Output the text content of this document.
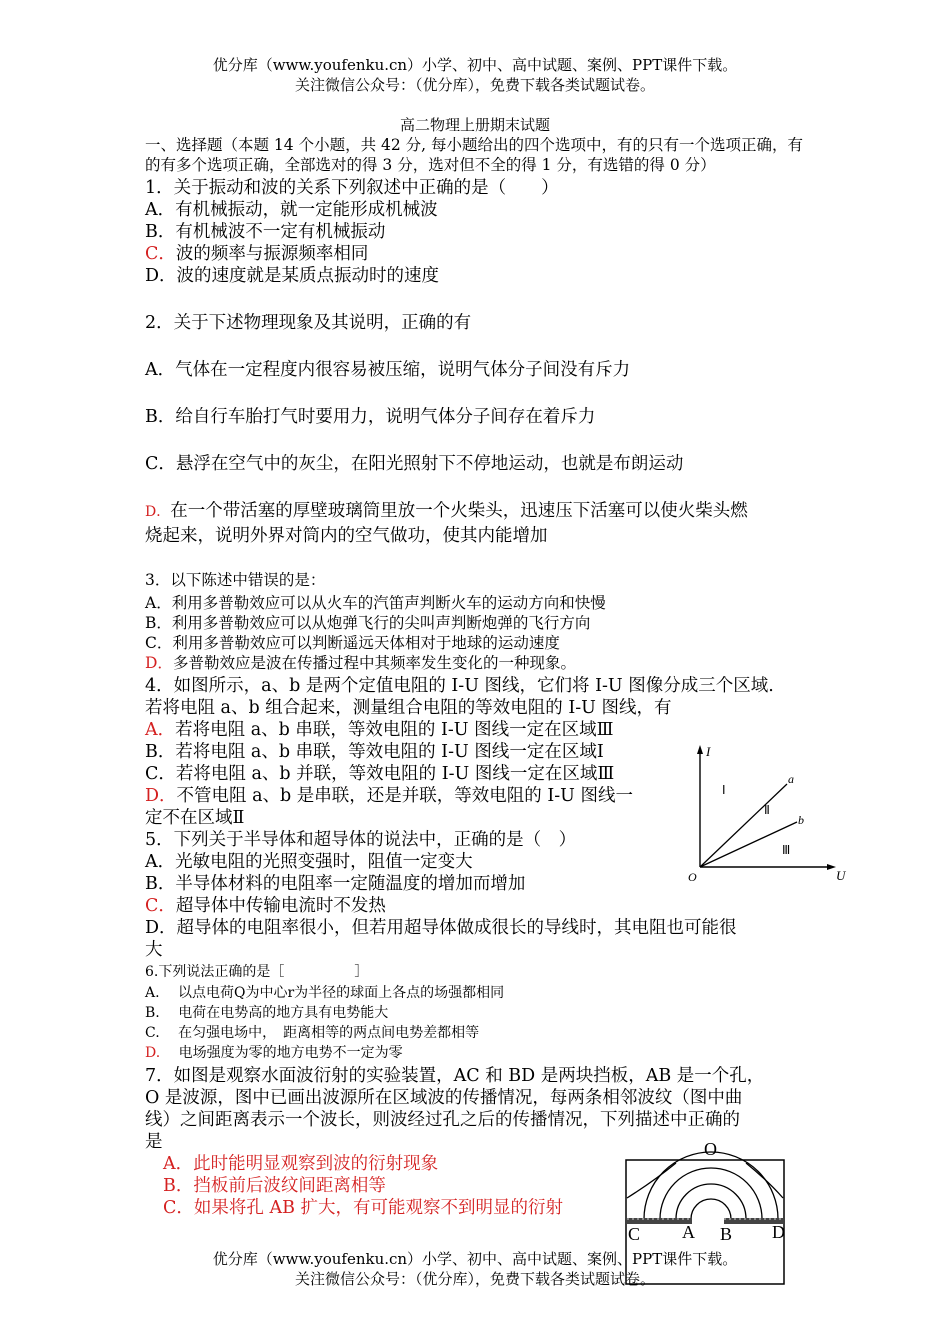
优分库（www.youfenku.cn）小学、初中、高中试题、案例、PPT课件下载。
关注微信公众号：（优分库），免费下载各类试题试卷。
高二物理上册期末试题
一、选择题（本题 14 个小题，共 42 分, 每小题给出的四个选项中，有的只有一个选项正确，有
的有多个选项正确，全部选对的得 3 分，选对但不全的得 1 分，有选错的得 0 分）
1．关于振动和波的关系下列叙述中正确的是（　　）
A．有机械振动，就一定能形成机械波
B．有机械波不一定有机械振动
C．波的频率与振源频率相同
D．波的速度就是某质点振动时的速度
2．关于下述物理现象及其说明，正确的有
A．气体在一定程度内很容易被压缩，说明气体分子间没有斥力
B．给自行车胎打气时要用力，说明气体分子间存在着斥力
C．悬浮在空气中的灰尘，在阳光照射下不停地运动，也就是布朗运动
D．在一个带活塞的厚壁玻璃筒里放一个火柴头，迅速压下活塞可以使火柴头燃
烧起来，说明外界对筒内的空气做功，使其内能增加
3．以下陈述中错误的是：
A．利用多普勒效应可以从火车的汽笛声判断火车的运动方向和快慢
B．利用多普勒效应可以从炮弹飞行的尖叫声判断炮弹的飞行方向
C．利用多普勒效应可以判断遥远天体相对于地球的运动速度
D．多普勒效应是波在传播过程中其频率发生变化的一种现象。
4．如图所示，a、b 是两个定值电阻的 I-U 图线，它们将 I-U 图像分成三个区域.
若将电阻 a、b 组合起来，测量组合电阻的等效电阻的 I-U 图线，有
A．若将电阻 a、b 串联，等效电阻的 I-U 图线一定在区域Ⅲ
B．若将电阻 a、b 串联，等效电阻的 I-U 图线一定在区域Ⅰ
C．若将电阻 a、b 并联，等效电阻的 I-U 图线一定在区域Ⅲ
D．不管电阻 a、b 是串联，还是并联，等效电阻的 I-U 图线一
定不在区域Ⅱ
I
U
O
a
b
Ⅰ
Ⅱ
Ⅲ
5．下列关于半导体和超导体的说法中，正确的是（　）
A．光敏电阻的光照变强时，阻值一定变大
B．半导体材料的电阻率一定随温度的增加而增加
C．超导体中传输电流时不发热
D．超导体的电阻率很小，但若用超导体做成很长的导线时，其电阻也可能很
大
6.下列说法正确的是［　　　　　］
A.　 以点电荷Q为中心r为半径的球面上各点的场强都相同
B.　 电荷在电势高的地方具有电势能大
C.　 在匀强电场中，　距离相等的两点间电势差都相等
D.　 电场强度为零的地方电势不一定为零
7．如图是观察水面波衍射的实验装置，AC 和 BD 是两块挡板，AB 是一个孔，
O 是波源，图中已画出波源所在区域波的传播情况，每两条相邻波纹（图中曲
线）之间距离表示一个波长，则波经过孔之后的传播情况，下列描述中正确的
是
A．此时能明显观察到波的衍射现象
B．挡板前后波纹间距离相等
C．如果将孔 AB 扩大，有可能观察不到明显的衍射
O
C A B D
优分库（www.youfenku.cn）小学、初中、高中试题、案例、PPT课件下载。
关注微信公众号：（优分库），免费下载各类试题试卷。
